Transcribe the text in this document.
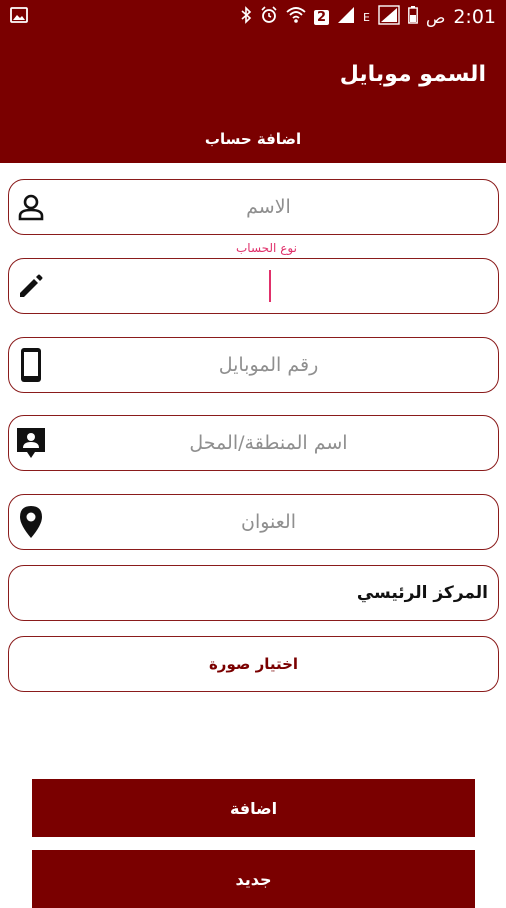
2	E	ص 2:01
السمو موبايل
اضافة حساب
الاسم
نوع الحساب
رقم الموبايل
اسم المنطقة/المحل
العنوان
المركز الرئيسي
اختيار صورة
اضافة
جديد
